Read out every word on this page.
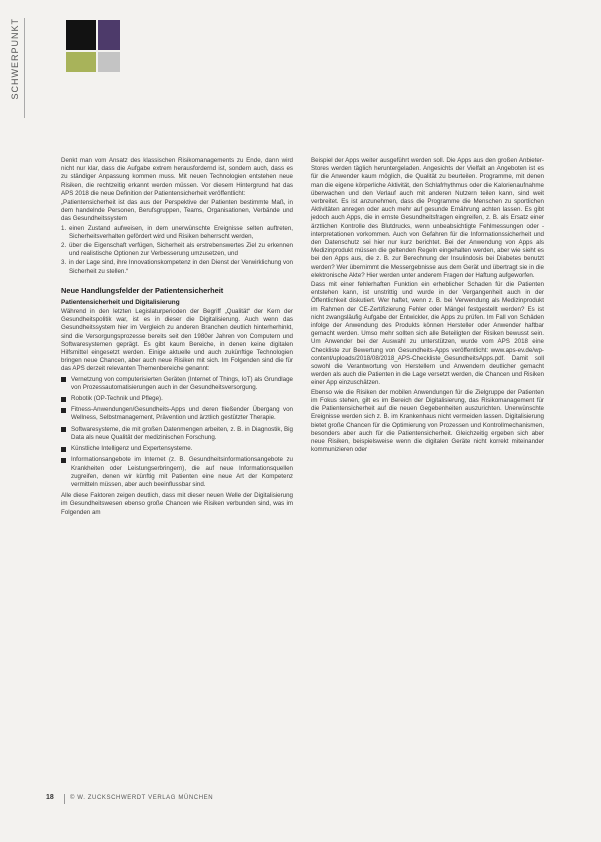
SCHWERPUNKT

Denkt man vom Ansatz des klassischen Risikomanagements zu Ende, dann wird nicht nur klar, dass die Aufgabe extrem herausfordernd ist, sondern auch, dass es zu ständiger Anpassung kommen muss. Mit neuen Technologien entstehen neue Risiken, die rechtzeitig erkannt werden müssen. Vor diesem Hintergrund hat das APS 2018 die neue Definition der Patientensicherheit veröffentlicht:

„Patientensicherheit ist das aus der Perspektive der Patienten bestimmte Maß, in dem handelnde Personen, Berufsgruppen, Teams, Organisationen, Verbände und das Gesundheitssystem

1. einen Zustand aufweisen, in dem unerwünschte Ereignisse selten auftreten, Sicherheitsverhalten gefördert wird und Risiken beherrscht werden,
2. über die Eigenschaft verfügen, Sicherheit als erstrebenswertes Ziel zu erkennen und realistische Optionen zur Verbesserung umzusetzen, und
3. in der Lage sind, ihre Innovationskompetenz in den Dienst der Verwirklichung von Sicherheit zu stellen.“
Neue Handlungsfelder der Patientensicherheit
Patientensicherheit und Digitalisierung

Während in den letzten Legislaturperioden der Begriff „Qualität“ der Kern der Gesundheitspolitik war, ist es in dieser die Digitalisierung. Auch wenn das Gesundheitssystem hier im Vergleich zu anderen Branchen deutlich hinterherhinkt, sind die Versorgungsprozesse bereits seit den 1980er Jahren von Computern und Softwaresystemen geprägt. Es gibt kaum Bereiche, in denen keine digitalen Hilfsmittel eingesetzt werden. Einige aktuelle und auch zukünftige Technologien bringen neue Chancen, aber auch neue Risiken mit sich. Im Folgenden sind die für das APS derzeit relevanten Themenbereiche genannt:

Vernetzung von computerisierten Geräten (Internet of Things, IoT) als Grundlage von Prozessautomatisierungen auch in der Gesundheitsversorgung.
Robotik (OP-Technik und Pflege).
Fitness-Anwendungen/Gesundheits-Apps und deren fließender Übergang von Wellness, Selbstmanagement, Prävention und ärztlich gestützter Therapie.
Softwaresysteme, die mit großen Datenmengen arbeiten, z. B. in Diagnostik, Big Data als neue Qualität der medizinischen Forschung.
Künstliche Intelligenz und Expertensysteme.
Informationsangebote im Internet (z. B. Gesundheitsinformationsangebote zu Krankheiten oder Leistungserbringern), die auf neue Informationsquellen zugreifen, denen wir künftig mit Patienten eine neue Art der Kompetenz vermitteln müssen, aber auch beeinflussbar sind.

Alle diese Faktoren zeigen deutlich, dass mit dieser neuen Welle der Digitalisierung im Gesundheitswesen ebenso große Chancen wie Risiken verbunden sind, was im Folgenden am

Beispiel der Apps weiter ausgeführt werden soll. Die Apps aus den großen Anbieter-Stores werden täglich heruntergeladen. Angesichts der Vielfalt an Angeboten ist es für die Anwender kaum möglich, die Qualität zu beurteilen. Programme, mit denen man die eigene körperliche Aktivität, den Schlafrhythmus oder die Kalorienaufnahme überwachen und den Verlauf auch mit anderen Nutzern teilen kann, sind weit verbreitet. Es ist anzunehmen, dass die Programme die Menschen zu sportlichen Aktivitäten anregen oder auch mehr auf gesunde Ernährung achten lassen. Es gibt jedoch auch Apps, die in ernste Gesundheitsfragen eingreifen, z. B. als Ersatz einer ärztlichen Kontrolle des Blutdrucks, wenn unbeabsichtigte Fehlmessungen oder -interpretationen vorkommen. Auch von Gefahren für die Informationssicherheit und den Datenschutz sei hier nur kurz berichtet. Bei der Anwendung von Apps als Medizinprodukt müssen die geltenden Regeln eingehalten werden, aber wie sieht es bei den Apps aus, die z. B. zur Berechnung der Insulindosis bei Diabetes benutzt werden? Wer übernimmt die Messergebnisse aus dem Gerät und übertragt sie in die elektronische Akte? Hier werden unter anderem Fragen der Haftung aufgeworfen.

Dass mit einer fehlerhaften Funktion ein erheblicher Schaden für die Patienten entstehen kann, ist unstrittig und wurde in der Vergangenheit auch in der Öffentlichkeit diskutiert. Wer haftet, wenn z. B. bei Verwendung als Medizinprodukt im Rahmen der CE-Zertifizierung Fehler oder Mängel festgestellt werden? Es ist nicht zwangsläufig Aufgabe der Entwickler, die Apps zu prüfen. Im Fall von Schäden infolge der Anwendung des Produkts können Hersteller oder Anwender haftbar gemacht werden. Umso mehr sollten sich alle Beteiligten der Risiken bewusst sein. Um Anwender bei der Auswahl zu unterstützen, wurde vom APS 2018 eine Checkliste zur Bewertung von Gesundheits-Apps veröffentlicht: www.aps-ev.de/wp-content/uploads/2018/08/2018_APS-Checkliste_GesundheitsApps.pdf. Damit soll sowohl die Verantwortung von Herstellern und Anwendern deutlicher gemacht werden als auch die Patienten in die Lage versetzt werden, die Chancen und Risiken einer App einzuschätzen.

Ebenso wie die Risiken der mobilen Anwendungen für die Zielgruppe der Patienten im Fokus stehen, gilt es im Bereich der Digitalisierung, das Risikomanagement für die Patientensicherheit auf die neuen Gegebenheiten auszurichten. Unerwünschte Ereignisse werden sich z. B. im Krankenhaus nicht vermeiden lassen. Digitalisierung bietet große Chancen für die Optimierung von Prozessen und Kontrollmechanismen, besonders aber auch für die Patientensicherheit. Gleichzeitig ergeben sich aber neue Risiken, beispielsweise wenn die digitalen Geräte nicht korrekt miteinander kommunizieren oder

18	© W. ZUCKSCHWERDT VERLAG MÜNCHEN
